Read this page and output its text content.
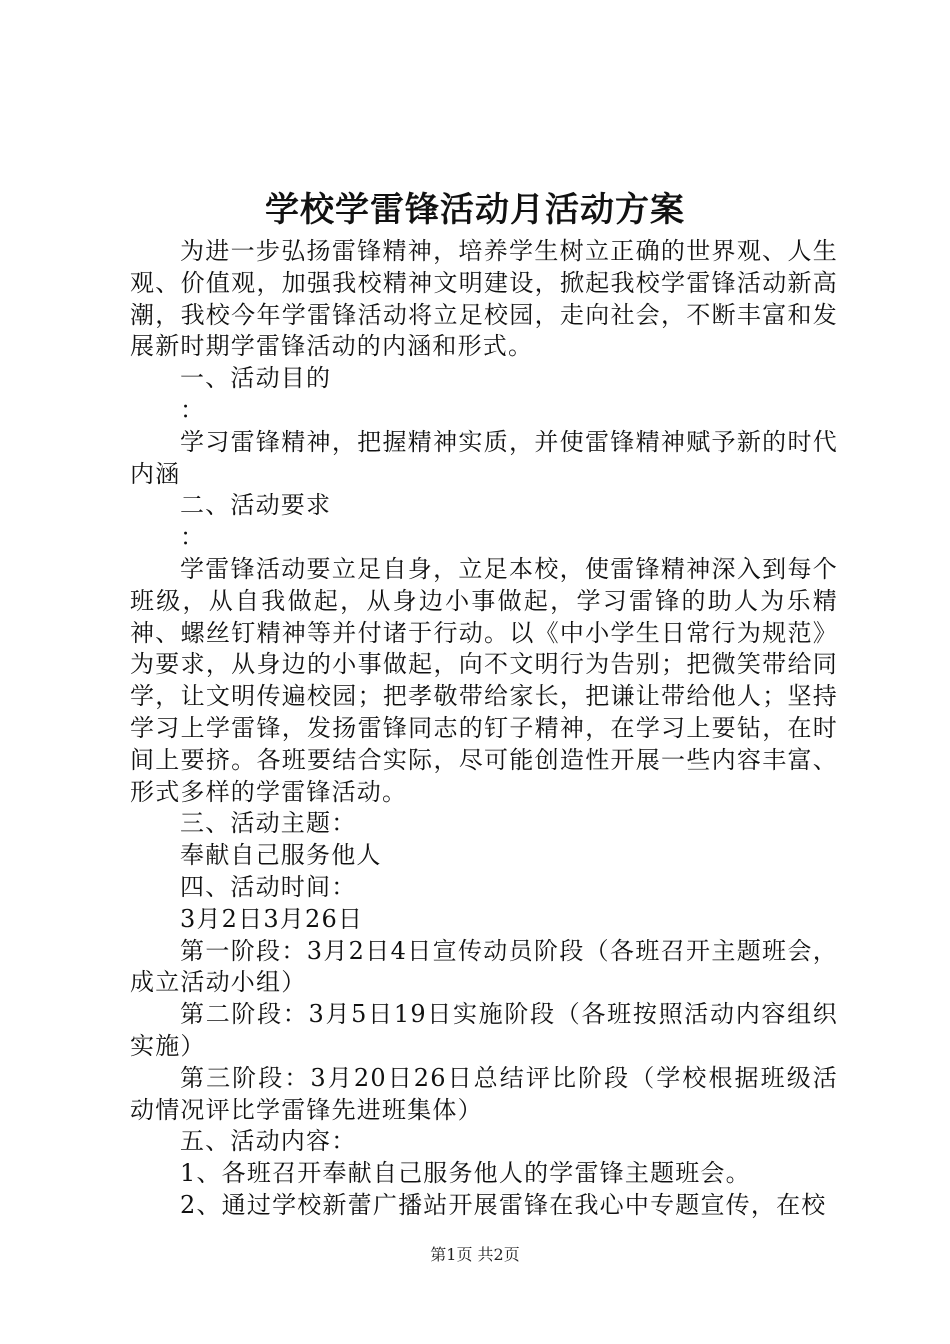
学校学雷锋活动月活动方案

为进一步弘扬雷锋精神，培养学生树立正确的世界观、人生观、价值观，加强我校精神文明建设，掀起我校学雷锋活动新高潮，我校今年学雷锋活动将立足校园，走向社会，不断丰富和发展新时期学雷锋活动的内涵和形式。

一、活动目的

：

学习雷锋精神，把握精神实质，并使雷锋精神赋予新的时代内涵

二、活动要求

：

学雷锋活动要立足自身，立足本校，使雷锋精神深入到每个班级，从自我做起，从身边小事做起，学习雷锋的助人为乐精神、螺丝钉精神等并付诸于行动。以《中小学生日常行为规范》为要求，从身边的小事做起，向不文明行为告别；把微笑带给同学，让文明传遍校园；把孝敬带给家长，把谦让带给他人；坚持学习上学雷锋，发扬雷锋同志的钉子精神，在学习上要钻，在时间上要挤。各班要结合实际，尽可能创造性开展一些内容丰富、形式多样的学雷锋活动。

三、活动主题：

奉献自己服务他人

四、活动时间：

3月2日3月26日

第一阶段：3月2日4日宣传动员阶段（各班召开主题班会，成立活动小组）

第二阶段：3月5日19日实施阶段（各班按照活动内容组织实施）

第三阶段：3月20日26日总结评比阶段（学校根据班级活动情况评比学雷锋先进班集体）

五、活动内容：

1、各班召开奉献自己服务他人的学雷锋主题班会。

2、通过学校新蕾广播站开展雷锋在我心中专题宣传，在校

第1页 共2页
